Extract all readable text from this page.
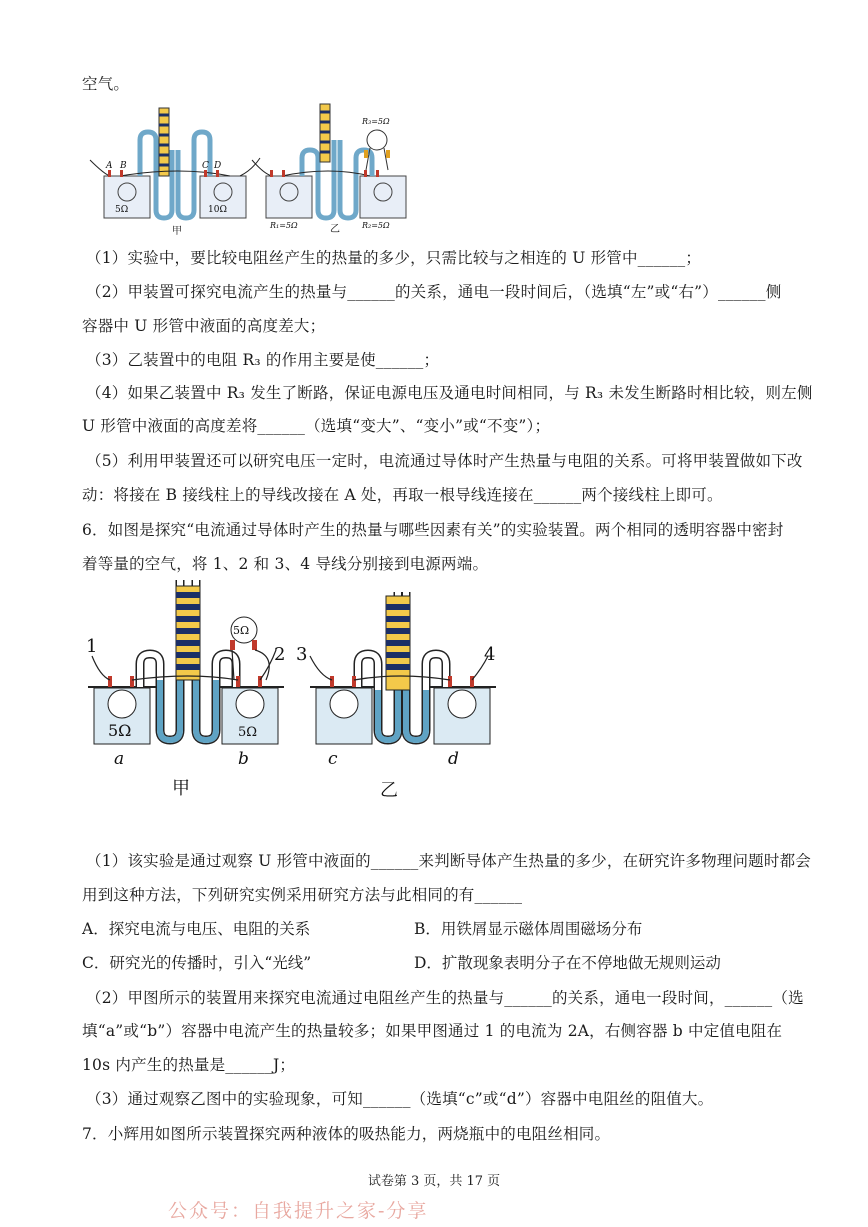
空气。
A B	C D
5Ω	10Ω
甲
R₃=5Ω
R₁=5Ω	R₂=5Ω
乙
（1）实验中，要比较电阻丝产生的热量的多少，只需比较与之相连的 U 形管中______；
（2）甲装置可探究电流产生的热量与______的关系，通电一段时间后，（选填“左”或“右”）______侧
容器中 U 形管中液面的高度差大；
（3）乙装置中的电阻 R₃ 的作用主要是使______；
（4）如果乙装置中 R₃ 发生了断路，保证电源电压及通电时间相同，与 R₃ 未发生断路时相比较，则左侧
U 形管中液面的高度差将______（选填“变大”、“变小”或“不变”）；
（5）利用甲装置还可以研究电压一定时，电流通过导体时产生热量与电阻的关系。可将甲装置做如下改
动：将接在 B 接线柱上的导线改接在 A 处，再取一根导线连接在______两个接线柱上即可。
6．如图是探究“电流通过导体时产生的热量与哪些因素有关”的实验装置。两个相同的透明容器中密封
着等量的空气，将 1、2 和 3、4 导线分别接到电源两端。
1	2 3	4
5Ω	5Ω
5Ω
a	b	c	d
甲	乙
（1）该实验是通过观察 U 形管中液面的______来判断导体产生热量的多少，在研究许多物理问题时都会
用到这种方法，下列研究实例采用研究方法与此相同的有______
A．探究电流与电压、电阻的关系	B．用铁屑显示磁体周围磁场分布
C．研究光的传播时，引入“光线”	D．扩散现象表明分子在不停地做无规则运动
（2）甲图所示的装置用来探究电流通过电阻丝产生的热量与______的关系，通电一段时间，______（选
填“a”或“b”）容器中电流产生的热量较多；如果甲图通过 1 的电流为 2A，右侧容器 b 中定值电阻在
10s 内产生的热量是______J；
（3）通过观察乙图中的实验现象，可知______（选填“c”或“d”）容器中电阻丝的阻值大。
7．小辉用如图所示装置探究两种液体的吸热能力，两烧瓶中的电阻丝相同。
试卷第 3 页，共 17 页
公众号：自我提升之家-分享
